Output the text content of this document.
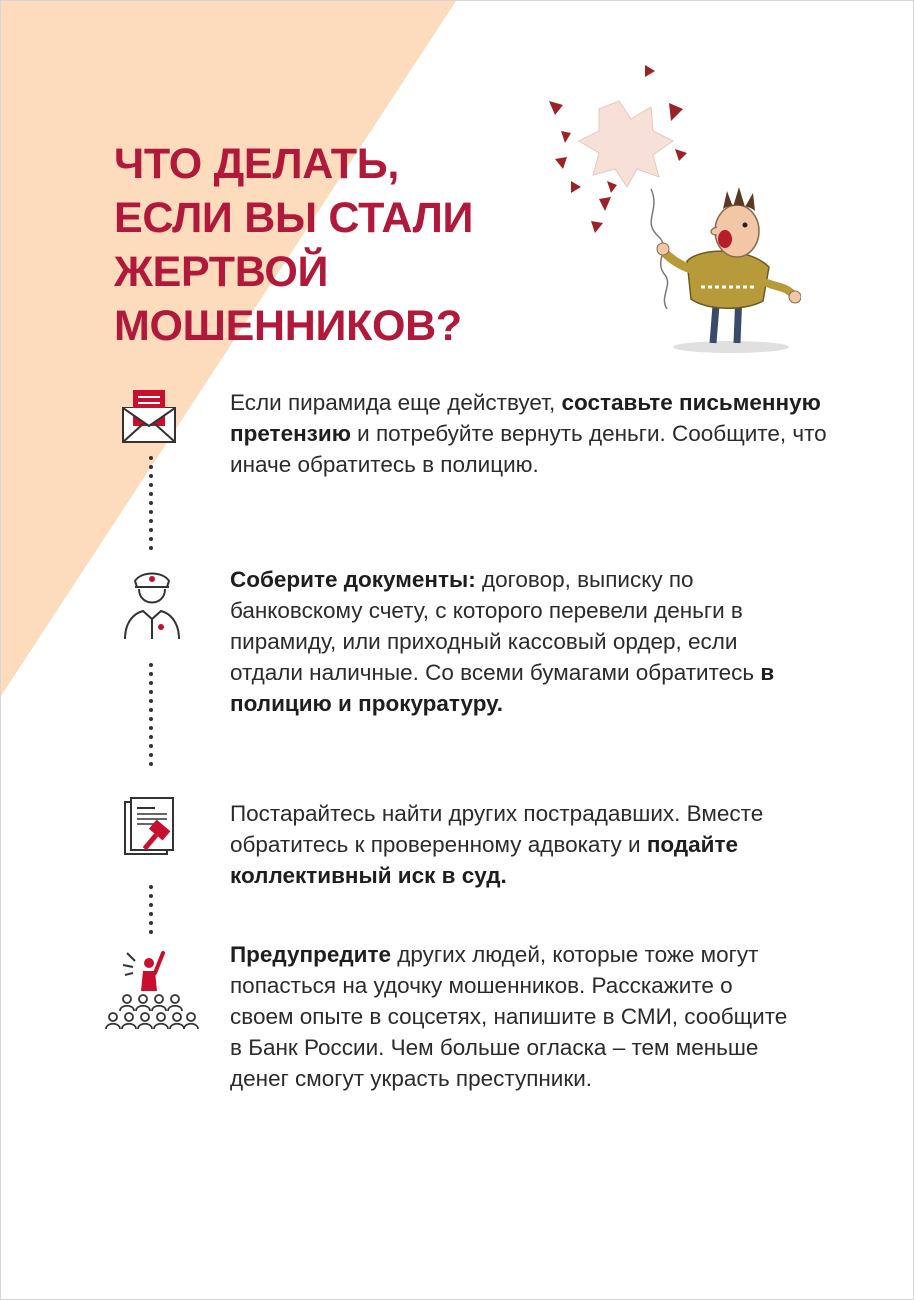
ЧТО ДЕЛАТЬ,
ЕСЛИ ВЫ СТАЛИ
ЖЕРТВОЙ
МОШЕННИКОВ?

Если пирамида еще действует, составьте письменную претензию и потребуйте вернуть деньги. Сообщите, что иначе обратитесь в полицию.

Соберите документы: договор, выписку по банковскому счету, с которого перевели деньги в пирамиду, или приходный кассовый ордер, если отдали наличные. Со всеми бумагами обратитесь в полицию и прокуратуру.

Постарайтесь найти других пострадавших. Вместе обратитесь к проверенному адвокату и подайте коллективный иск в суд.

Предупредите других людей, которые тоже могут попасться на удочку мошенников. Расскажите о своем опыте в соцсетях, напишите в СМИ, сообщите в Банк России. Чем больше огласка – тем меньше денег смогут украсть преступники.
